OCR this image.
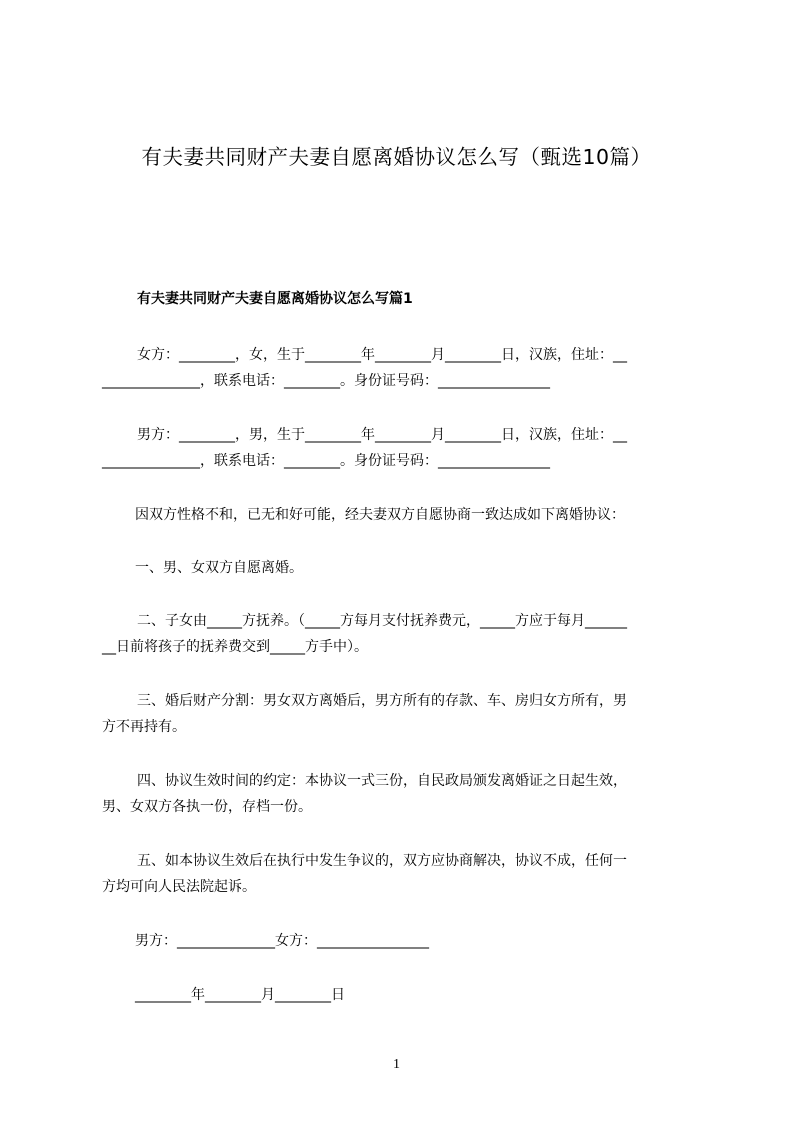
有夫妻共同财产夫妻自愿离婚协议怎么写（甄选10篇）
有夫妻共同财产夫妻自愿离婚协议怎么写篇1
女方：________，女，生于________年________月________日，汉族，住址：__
______________，联系电话：________。身份证号码：________________
男方：________，男，生于________年________月________日，汉族，住址：__
______________，联系电话：________。身份证号码：________________
因双方性格不和，已无和好可能，经夫妻双方自愿协商一致达成如下离婚协议：
一、男、女双方自愿离婚。
二、子女由_____方抚养。（_____方每月支付抚养费元，_____方应于每月______
__日前将孩子的抚养费交到_____方手中）。
三、婚后财产分割：男女双方离婚后，男方所有的存款、车、房归女方所有，男
方不再持有。
四、协议生效时间的约定：本协议一式三份，自民政局颁发离婚证之日起生效，
男、女双方各执一份，存档一份。
五、如本协议生效后在执行中发生争议的，双方应协商解决，协议不成，任何一
方均可向人民法院起诉。
男方：______________女方：________________
________年________月________日
1
